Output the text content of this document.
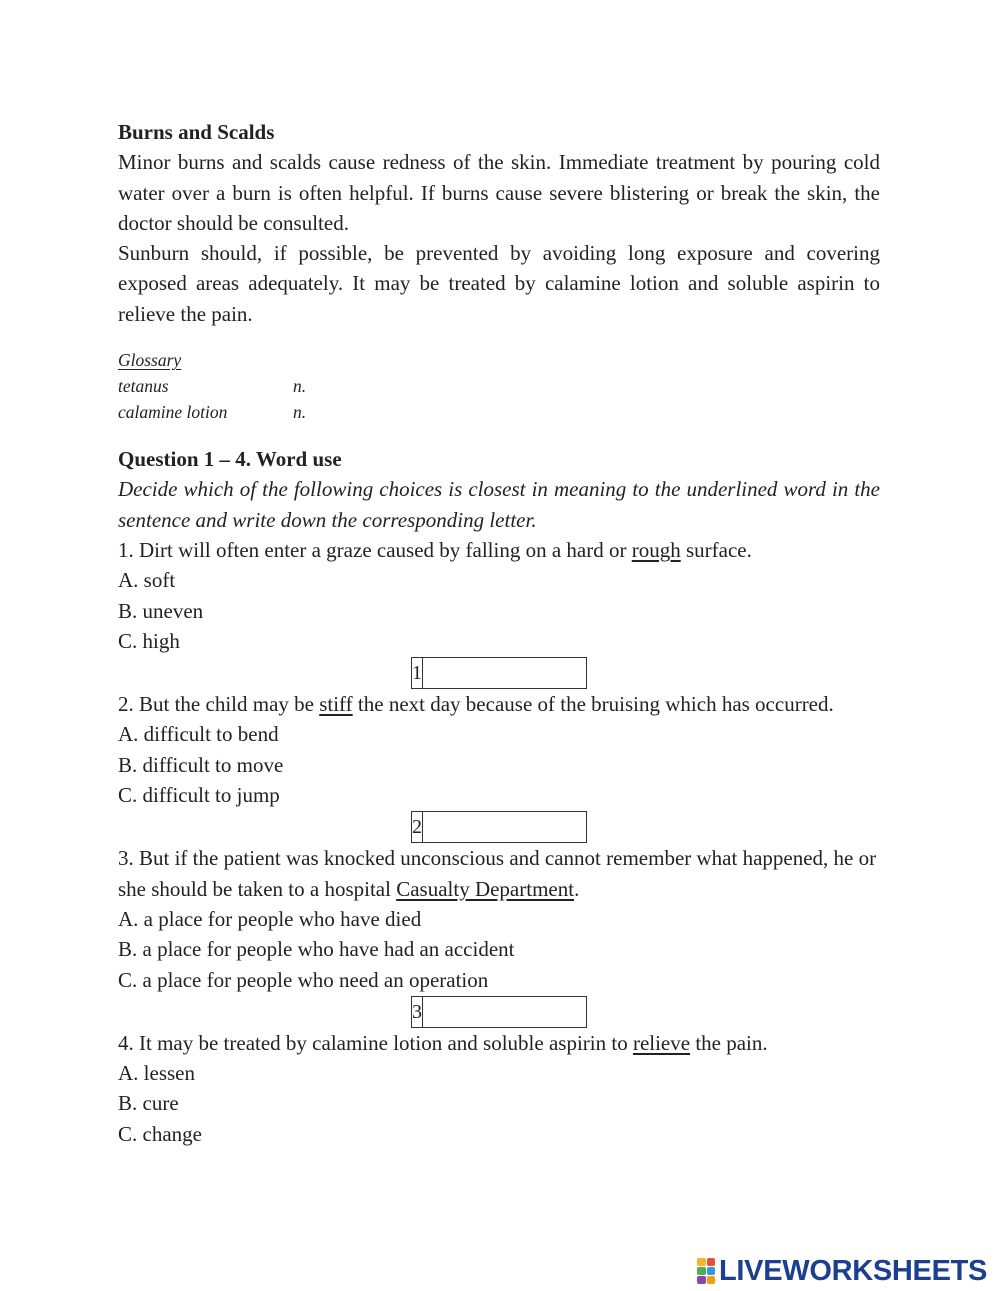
Burns and Scalds

Minor burns and scalds cause redness of the skin. Immediate treatment by pouring cold water over a burn is often helpful. If burns cause severe blistering or break the skin, the doctor should be consulted.

Sunburn should, if possible, be prevented by avoiding long exposure and covering exposed areas adequately. It may be treated by calamine lotion and soluble aspirin to relieve the pain.

Glossary
tetanus	n.
calamine lotion	n.
Question 1 – 4. Word use

Decide which of the following choices is closest in meaning to the underlined word in the sentence and write down the corresponding letter.

1. Dirt will often enter a graze caused by falling on a hard or rough surface.

A. soft

B. uneven

C. high

1

2. But the child may be stiff the next day because of the bruising which has occurred.

A. difficult to bend

B. difficult to move

C. difficult to jump

2

3. But if the patient was knocked unconscious and cannot remember what happened, he or she should be taken to a hospital Casualty Department.

A. a place for people who have died

B. a place for people who have had an accident

C. a place for people who need an operation

3

4. It may be treated by calamine lotion and soluble aspirin to relieve the pain.

A. lessen

B. cure

C. change

LIVEWORKSHEETS
